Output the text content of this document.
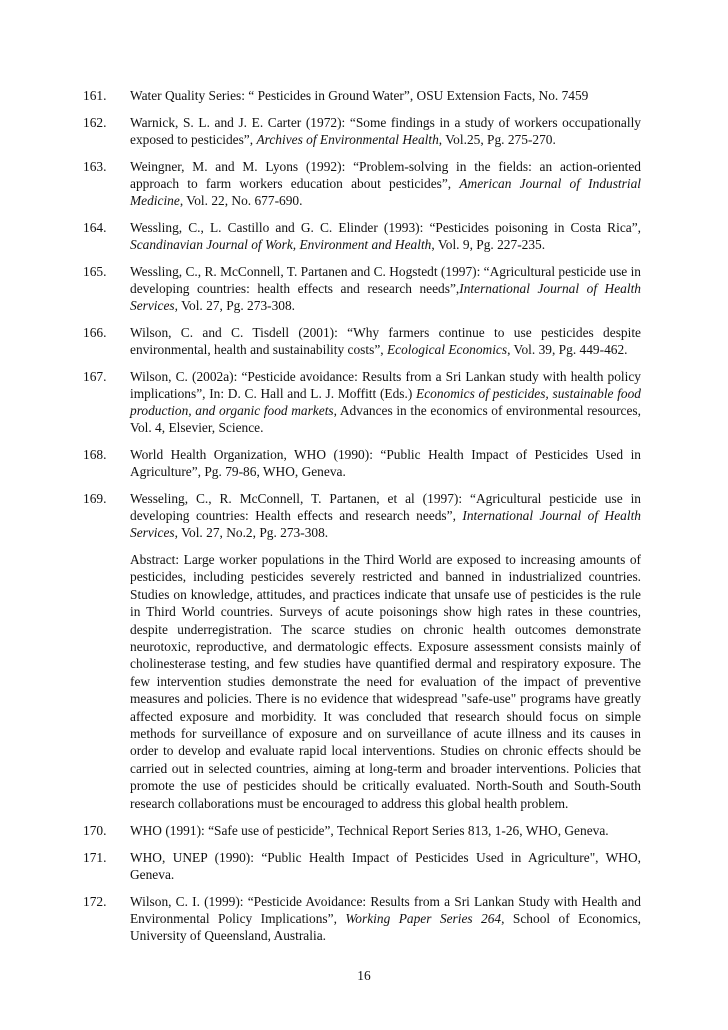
161.	Water Quality Series: “ Pesticides in Ground Water”, OSU Extension Facts, No. 7459
162.	Warnick, S. L. and J. E. Carter (1972): “Some findings in a study of workers occupationally exposed to pesticides”, Archives of Environmental Health, Vol.25, Pg. 275-270.
163.	Weingner, M. and M. Lyons (1992): “Problem-solving in the fields: an action-oriented approach to farm workers education about pesticides”, American Journal of Industrial Medicine, Vol. 22, No. 677-690.
164.	Wessling, C., L. Castillo and G. C. Elinder (1993): “Pesticides poisoning in Costa Rica”, Scandinavian Journal of Work, Environment and Health, Vol. 9, Pg. 227-235.
165.	Wessling, C., R. McConnell, T. Partanen and C. Hogstedt (1997): “Agricultural pesticide use in developing countries: health effects and research needs”,International Journal of Health Services, Vol. 27, Pg. 273-308.
166.	Wilson, C. and C. Tisdell (2001): “Why farmers continue to use pesticides despite environmental, health and sustainability costs”, Ecological Economics, Vol. 39, Pg. 449-462.
167.	Wilson, C. (2002a): “Pesticide avoidance: Results from a Sri Lankan study with health policy implications”, In: D. C. Hall and L. J. Moffitt (Eds.) Economics of pesticides, sustainable food production, and organic food markets, Advances in the economics of environmental resources, Vol. 4, Elsevier, Science.
168.	World Health Organization, WHO (1990): “Public Health Impact of Pesticides Used in Agriculture”, Pg. 79-86, WHO, Geneva.
169.	Wesseling, C., R. McConnell, T. Partanen, et al (1997): “Agricultural pesticide use in developing countries: Health effects and research needs”, International Journal of Health Services, Vol. 27, No.2, Pg. 273-308.
Abstract: Large worker populations in the Third World are exposed to increasing amounts of pesticides, including pesticides severely restricted and banned in industrialized countries. Studies on knowledge, attitudes, and practices indicate that unsafe use of pesticides is the rule in Third World countries. Surveys of acute poisonings show high rates in these countries, despite underregistration. The scarce studies on chronic health outcomes demonstrate neurotoxic, reproductive, and dermatologic effects. Exposure assessment consists mainly of cholinesterase testing, and few studies have quantified dermal and respiratory exposure. The few intervention studies demonstrate the need for evaluation of the impact of preventive measures and policies. There is no evidence that widespread "safe-use" programs have greatly affected exposure and morbidity. It was concluded that research should focus on simple methods for surveillance of exposure and on surveillance of acute illness and its causes in order to develop and evaluate rapid local interventions. Studies on chronic effects should be carried out in selected countries, aiming at long-term and broader interventions. Policies that promote the use of pesticides should be critically evaluated. North-South and South-South research collaborations must be encouraged to address this global health problem.
170.	WHO (1991): “Safe use of pesticide”, Technical Report Series 813, 1-26, WHO, Geneva.
171.	WHO, UNEP (1990): “Public Health Impact of Pesticides Used in Agriculture", WHO, Geneva.
172.	Wilson, C. I. (1999): “Pesticide Avoidance: Results from a Sri Lankan Study with Health and Environmental Policy Implications”, Working Paper Series 264, School of Economics, University of Queensland, Australia.
16
